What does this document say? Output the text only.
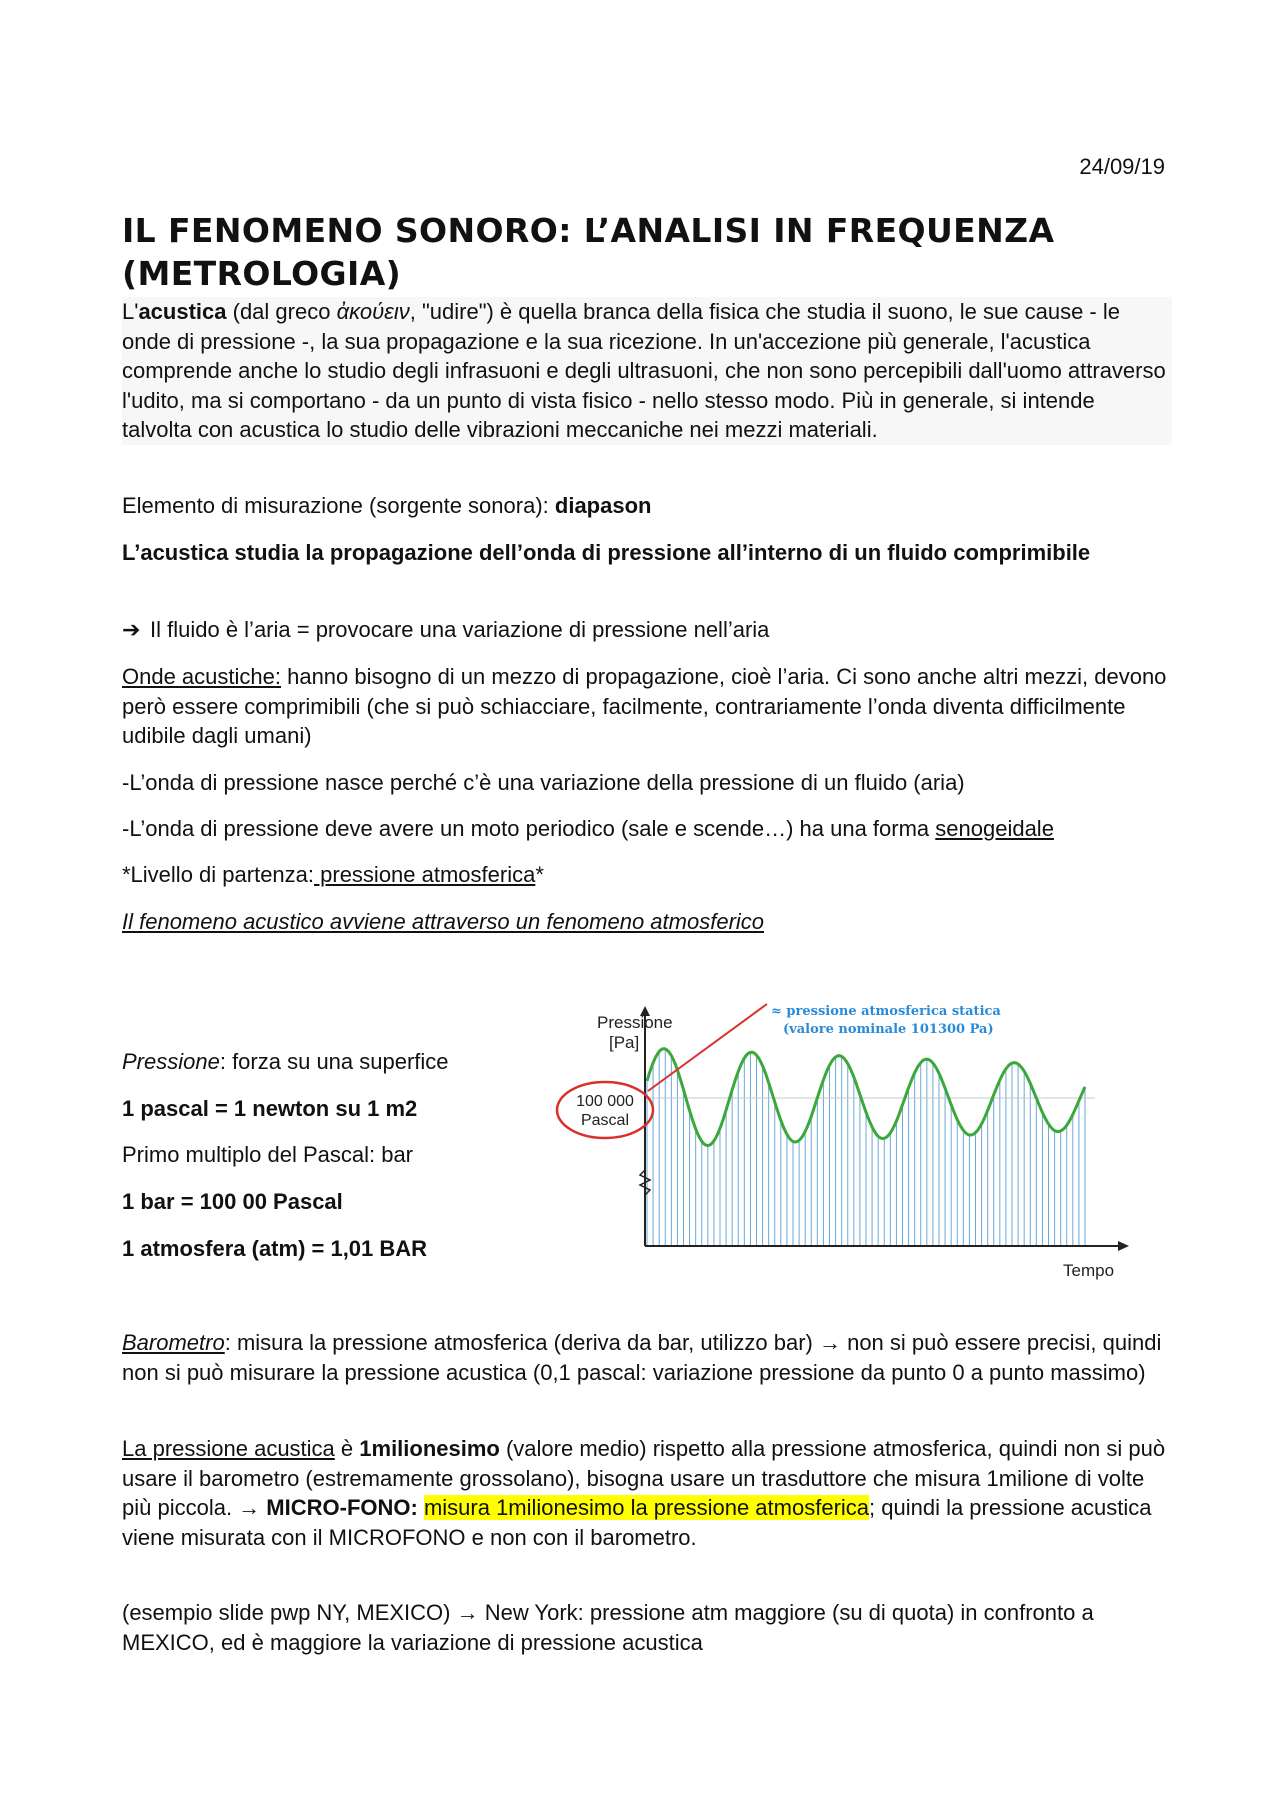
24/09/19
IL FENOMENO SONORO: L’ANALISI IN FREQUENZA (METROLOGIA)

L'acustica (dal greco ἀκούειν, "udire") è quella branca della fisica che studia il suono, le sue cause - le onde di pressione -, la sua propagazione e la sua ricezione. In un'accezione più generale, l'acustica comprende anche lo studio degli infrasuoni e degli ultrasuoni, che non sono percepibili dall'uomo attraverso l'udito, ma si comportano - da un punto di vista fisico - nello stesso modo. Più in generale, si intende talvolta con acustica lo studio delle vibrazioni meccaniche nei mezzi materiali.

Elemento di misurazione (sorgente sonora): diapason

L’acustica studia la propagazione dell’onda di pressione all’interno di un fluido comprimibile

➔ Il fluido è l’aria = provocare una variazione di pressione nell’aria

Onde acustiche: hanno bisogno di un mezzo di propagazione, cioè l’aria. Ci sono anche altri mezzi, devono però essere comprimibili (che si può schiacciare, facilmente, contrariamente l’onda diventa difficilmente udibile dagli umani)

-L’onda di pressione nasce perché c’è una variazione della pressione di un fluido (aria)

-L’onda di pressione deve avere un moto periodico (sale e scende…) ha una forma senogeidale

*Livello di partenza: pressione atmosferica*

Il fenomeno acustico avviene attraverso un fenomeno atmosferico

Pressione: forza su una superfice

1 pascal = 1 newton su 1 m2

Primo multiplo del Pascal: bar

1 bar = 100 00 Pascal

1 atmosfera (atm) = 1,01 BAR

Pressione
[Pa]
Tempo
100 000
Pascal
≈ pressione atmosferica statica
(valore nominale 101300 Pa)

Barometro: misura la pressione atmosferica (deriva da bar, utilizzo bar) → non si può essere precisi, quindi non si può misurare la pressione acustica (0,1 pascal: variazione pressione da punto 0 a punto massimo)

La pressione acustica è 1milionesimo (valore medio) rispetto alla pressione atmosferica, quindi non si può usare il barometro (estremamente grossolano), bisogna usare un trasduttore che misura 1milione di volte più piccola. → MICRO-FONO: misura 1milionesimo la pressione atmosferica; quindi la pressione acustica viene misurata con il MICROFONO e non con il barometro.

(esempio slide pwp NY, MEXICO) → New York: pressione atm maggiore (su di quota) in confronto a MEXICO, ed è maggiore la variazione di pressione acustica
